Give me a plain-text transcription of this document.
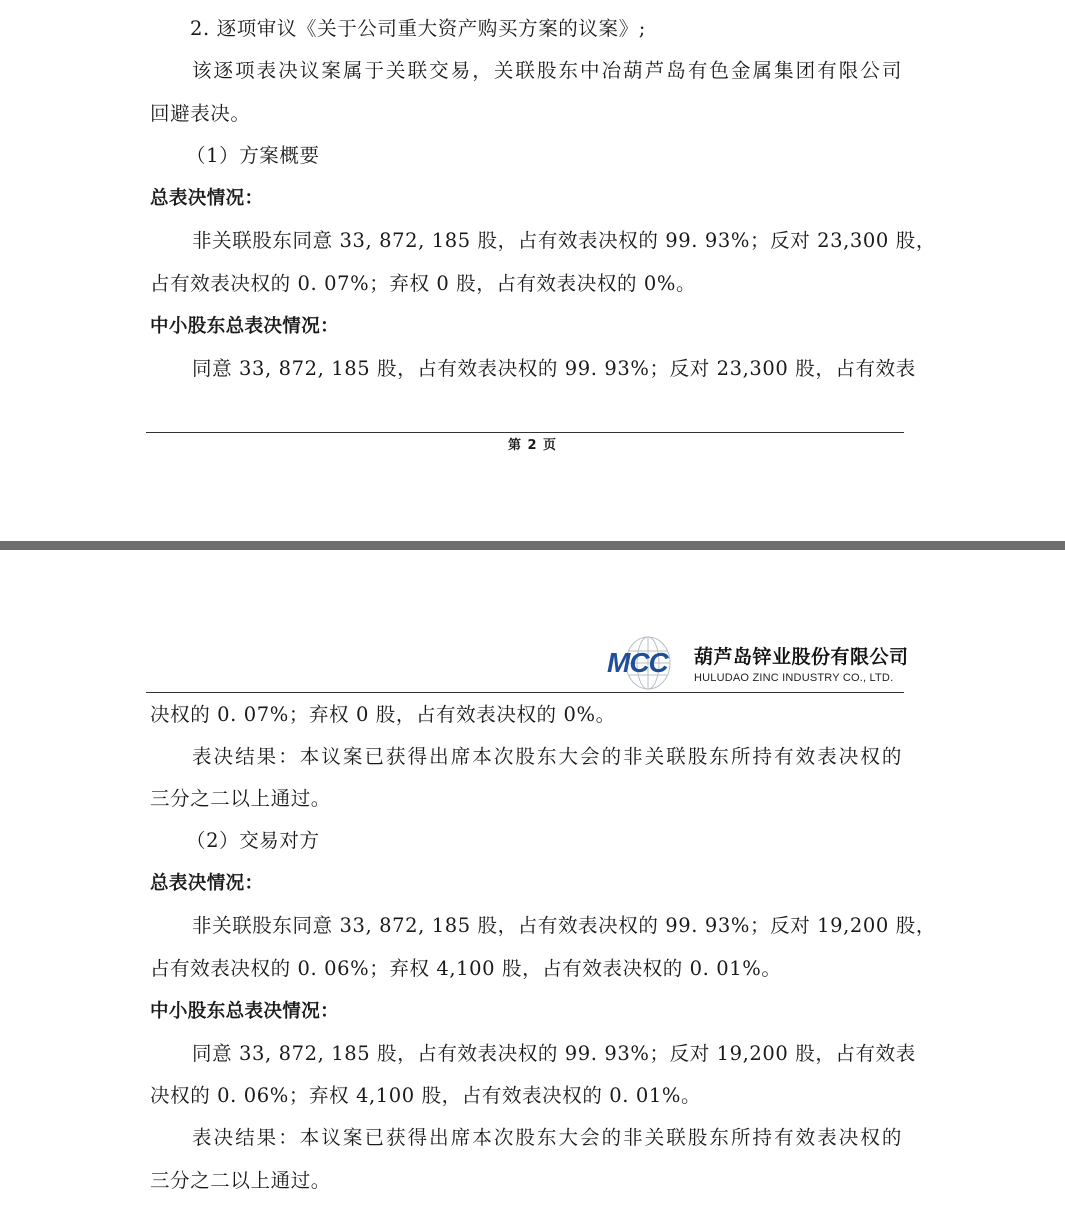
2. 逐项审议《关于公司重大资产购买方案的议案》;
该逐项表决议案属于关联交易，关联股东中冶葫芦岛有色金属集团有限公司
回避表决。
（1）方案概要
总表决情况：
非关联股东同意 33, 872, 185 股，占有效表决权的 99. 93%；反对 23,300 股，
占有效表决权的 0. 07%；弃权 0 股，占有效表决权的 0%。
中小股东总表决情况：
同意 33, 872, 185 股，占有效表决权的 99. 93%；反对 23,300 股，占有效表
第 2 页
MCC 葫芦岛锌业股份有限公司
HULUDAO ZINC INDUSTRY CO., LTD.
决权的 0. 07%；弃权 0 股，占有效表决权的 0%。
表决结果：本议案已获得出席本次股东大会的非关联股东所持有效表决权的
三分之二以上通过。
（2）交易对方
总表决情况：
非关联股东同意 33, 872, 185 股，占有效表决权的 99. 93%；反对 19,200 股，
占有效表决权的 0. 06%；弃权 4,100 股，占有效表决权的 0. 01%。
中小股东总表决情况：
同意 33, 872, 185 股，占有效表决权的 99. 93%；反对 19,200 股，占有效表
决权的 0. 06%；弃权 4,100 股，占有效表决权的 0. 01%。
表决结果：本议案已获得出席本次股东大会的非关联股东所持有效表决权的
三分之二以上通过。
